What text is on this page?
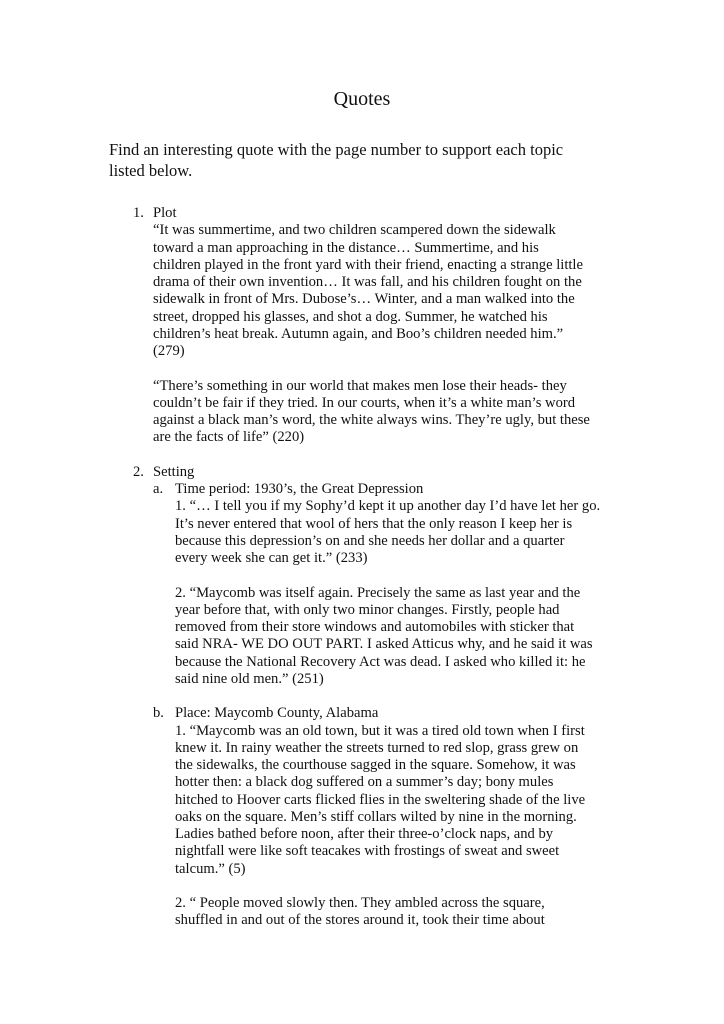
Quotes
Find an interesting quote with the page number to support each topic
listed below.
1. Plot
“It was summertime, and two children scampered down the sidewalk
toward a man approaching in the distance… Summertime, and his
children played in the front yard with their friend, enacting a strange little
drama of their own invention… It was fall, and his children fought on the
sidewalk in front of Mrs. Dubose’s… Winter, and a man walked into the
street, dropped his glasses, and shot a dog. Summer, he watched his
children’s heat break. Autumn again, and Boo’s children needed him.”
(279)
“There’s something in our world that makes men lose their heads- they
couldn’t be fair if they tried. In our courts, when it’s a white man’s word
against a black man’s word, the white always wins. They’re ugly, but these
are the facts of life” (220)
2. Setting
a. Time period: 1930’s, the Great Depression
1. “… I tell you if my Sophy’d kept it up another day I’d have let her go.
It’s never entered that wool of hers that the only reason I keep her is
because this depression’s on and she needs her dollar and a quarter
every week she can get it.” (233)
2. “Maycomb was itself again. Precisely the same as last year and the
year before that, with only two minor changes. Firstly, people had
removed from their store windows and automobiles with sticker that
said NRA- WE DO OUT PART. I asked Atticus why, and he said it was
because the National Recovery Act was dead. I asked who killed it: he
said nine old men.” (251)
b. Place: Maycomb County, Alabama
1. “Maycomb was an old town, but it was a tired old town when I first
knew it. In rainy weather the streets turned to red slop, grass grew on
the sidewalks, the courthouse sagged in the square. Somehow, it was
hotter then: a black dog suffered on a summer’s day; bony mules
hitched to Hoover carts flicked flies in the sweltering shade of the live
oaks on the square. Men’s stiff collars wilted by nine in the morning.
Ladies bathed before noon, after their three-o’clock naps, and by
nightfall were like soft teacakes with frostings of sweat and sweet
talcum.” (5)
2. “ People moved slowly then. They ambled across the square,
shuffled in and out of the stores around it, took their time about
